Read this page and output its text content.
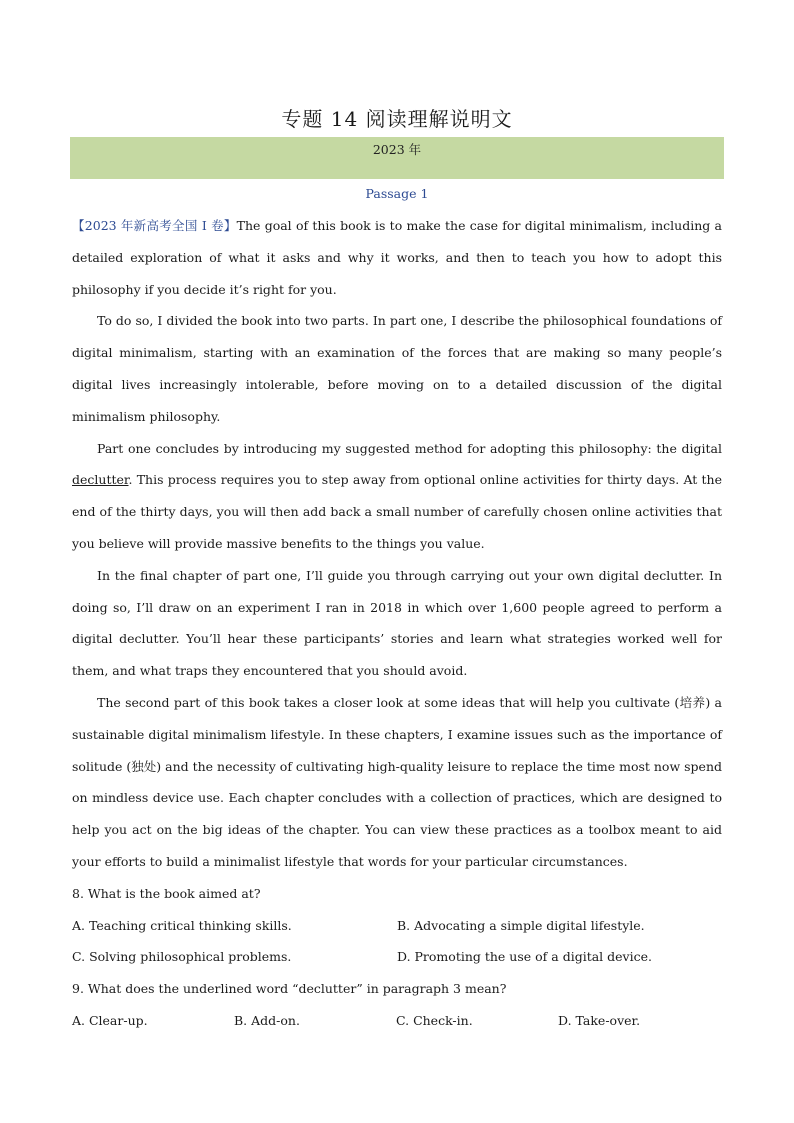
专题 14 阅读理解说明文
2023 年
Passage 1

【2023 年新高考全国 I 卷】The goal of this book is to make the case for digital minimalism, including a detailed exploration of what it asks and why it works, and then to teach you how to adopt this philosophy if you decide it’s right for you.

To do so, I divided the book into two parts. In part one, I describe the philosophical foundations of digital minimalism, starting with an examination of the forces that are making so many people’s digital lives increasingly intolerable, before moving on to a detailed discussion of the digital minimalism philosophy.

Part one concludes by introducing my suggested method for adopting this philosophy: the digital declutter. This process requires you to step away from optional online activities for thirty days. At the end of the thirty days, you will then add back a small number of carefully chosen online activities that you believe will provide massive benefits to the things you value.

In the final chapter of part one, I’ll guide you through carrying out your own digital declutter. In doing so, I’ll draw on an experiment I ran in 2018 in which over 1,600 people agreed to perform a digital declutter. You’ll hear these participants’ stories and learn what strategies worked well for them, and what traps they encountered that you should avoid.

The second part of this book takes a closer look at some ideas that will help you cultivate (培养) a sustainable digital minimalism lifestyle. In these chapters, I examine issues such as the importance of solitude (独处) and the necessity of cultivating high-quality leisure to replace the time most now spend on mindless device use. Each chapter concludes with a collection of practices, which are designed to help you act on the big ideas of the chapter. You can view these practices as a toolbox meant to aid your efforts to build a minimalist lifestyle that words for your particular circumstances.

8. What is the book aimed at?
A. Teaching critical thinking skills.	B. Advocating a simple digital lifestyle.
C. Solving philosophical problems.	D. Promoting the use of a digital device.
9. What does the underlined word “declutter” in paragraph 3 mean?
A. Clear-up.	B. Add-on.	C. Check-in.	D. Take-over.
